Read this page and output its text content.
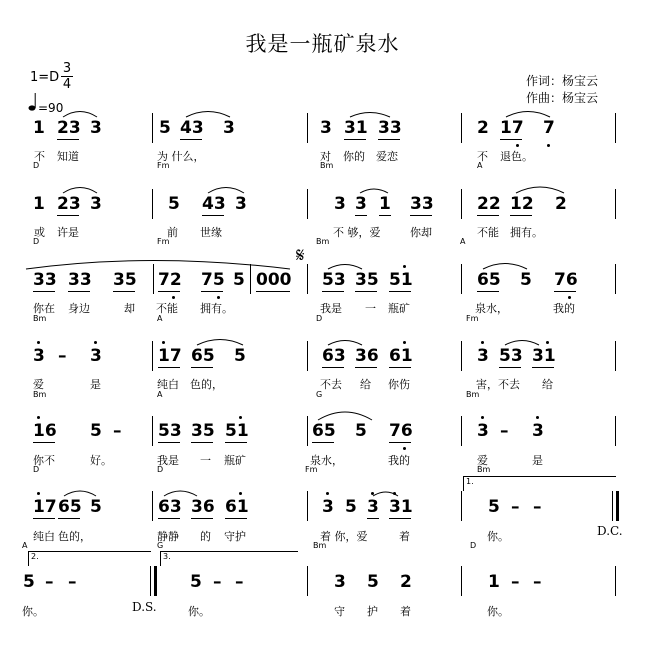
我是一瓶矿泉水
作词：杨宝云
作曲：杨宝云
1=D
3
4
=90
1 23 3	5 43 3	3 31 33	2 17 7
不 知道	为 什么，	对 你的 爱恋	不 退色。
D	Fm	Bm	A
1 23 3	5 43 3	3 3 1 33	22 12 2
或 许是	前 世缘	不 够，爱	你却	不能 拥有。
D	Fm	Bm	A
𝄋
33 33 35 72 75 5 000 53 35 51	65 5 76
你在 身边	却 不能 拥有。	我是 一 瓶矿	泉水，	我的
Bm	A	D	Fm
3 – 3	17 65 5	63 36 61	3 53 31
爱	是	纯白 色的，	不去 给 你伤	害，不去 给
Bm	A	G	Bm
16 5 – 53 35 51	65 5 76	3 – 3
你不	好。	我是 一 瓶矿	泉水，	我的	爱	是
D	D	Fm	Bm
1.
17 65 5	63 36 61	3 5 3 31	5 – –
纯白 色的，	静静 的 守护	着 你，爱	着	你。
A	G	Bm	D
D.C.
2.	3.
5 – –	5 – –	3 5 2	1 – –
你。	你。	守 护 着	你。
D.S.
